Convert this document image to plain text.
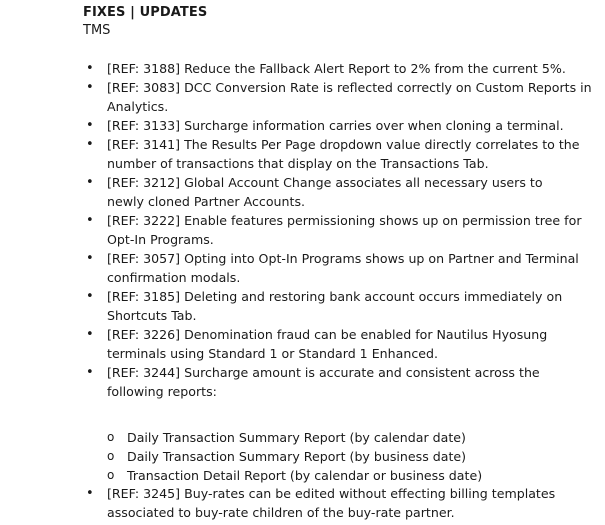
FIXES | UPDATES
TMS
• [REF: 3188] Reduce the Fallback Alert Report to 2% from the current 5%.
• [REF: 3083] DCC Conversion Rate is reflected correctly on Custom Reports in
Analytics.
• [REF: 3133] Surcharge information carries over when cloning a terminal.
• [REF: 3141] The Results Per Page dropdown value directly correlates to the
number of transactions that display on the Transactions Tab.
• [REF: 3212] Global Account Change associates all necessary users to
newly cloned Partner Accounts.
• [REF: 3222] Enable features permissioning shows up on permission tree for
Opt-In Programs.
• [REF: 3057] Opting into Opt-In Programs shows up on Partner and Terminal
confirmation modals.
• [REF: 3185] Deleting and restoring bank account occurs immediately on
Shortcuts Tab.
• [REF: 3226] Denomination fraud can be enabled for Nautilus Hyosung
terminals using Standard 1 or Standard 1 Enhanced.
• [REF: 3244] Surcharge amount is accurate and consistent across the
following reports:
o Daily Transaction Summary Report (by calendar date)
o Daily Transaction Summary Report (by business date)
o Transaction Detail Report (by calendar or business date)
• [REF: 3245] Buy-rates can be edited without effecting billing templates
associated to buy-rate children of the buy-rate partner.
